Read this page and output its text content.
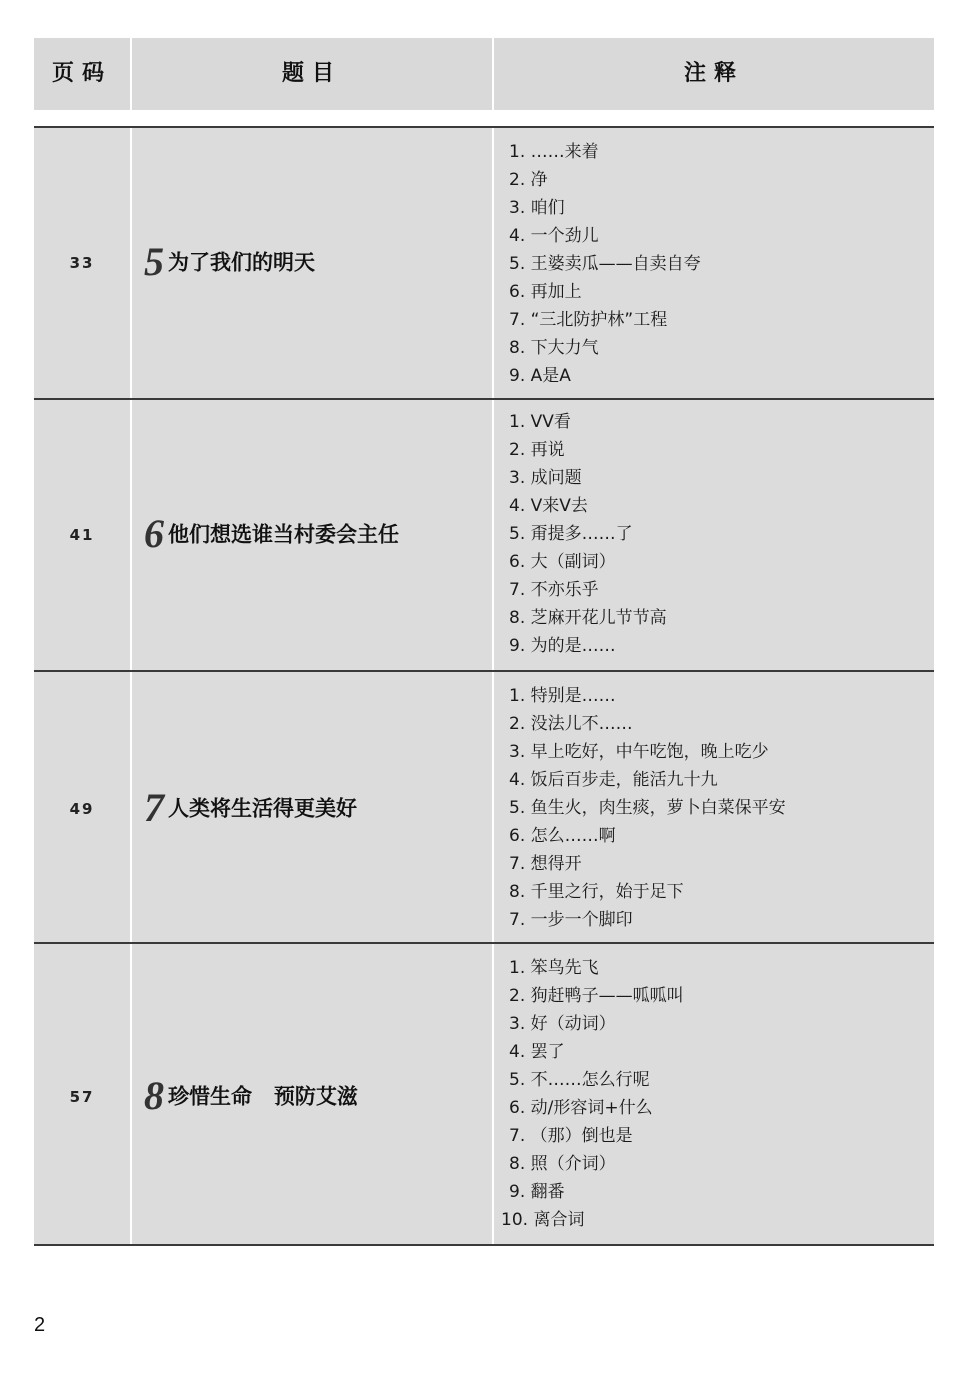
页码	题目	注释
33	5 为了我们的明天
1. ……来着
2. 净
3. 咱们
4. 一个劲儿
5. 王婆卖瓜——自卖自夸
6. 再加上
7. “三北防护林”工程
8. 下大力气
9. A是A
41	6 他们想选谁当村委会主任
1. VV看
2. 再说
3. 成问题
4. V来V去
5. 甭提多……了
6. 大（副词）
7. 不亦乐乎
8. 芝麻开花儿节节高
9. 为的是……
49	7 人类将生活得更美好
1. 特别是……
2. 没法儿不……
3. 早上吃好，中午吃饱，晚上吃少
4. 饭后百步走，能活九十九
5. 鱼生火，肉生痰，萝卜白菜保平安
6. 怎么……啊
7. 想得开
8. 千里之行，始于足下
7. 一步一个脚印
57	8 珍惜生命   预防艾滋
1. 笨鸟先飞
2. 狗赶鸭子——呱呱叫
3. 好（动词）
4. 罢了
5. 不……怎么行呢
6. 动/形容词+什么
7. （那）倒也是
8. 照（介词）
9. 翻番
10. 离合词
2
